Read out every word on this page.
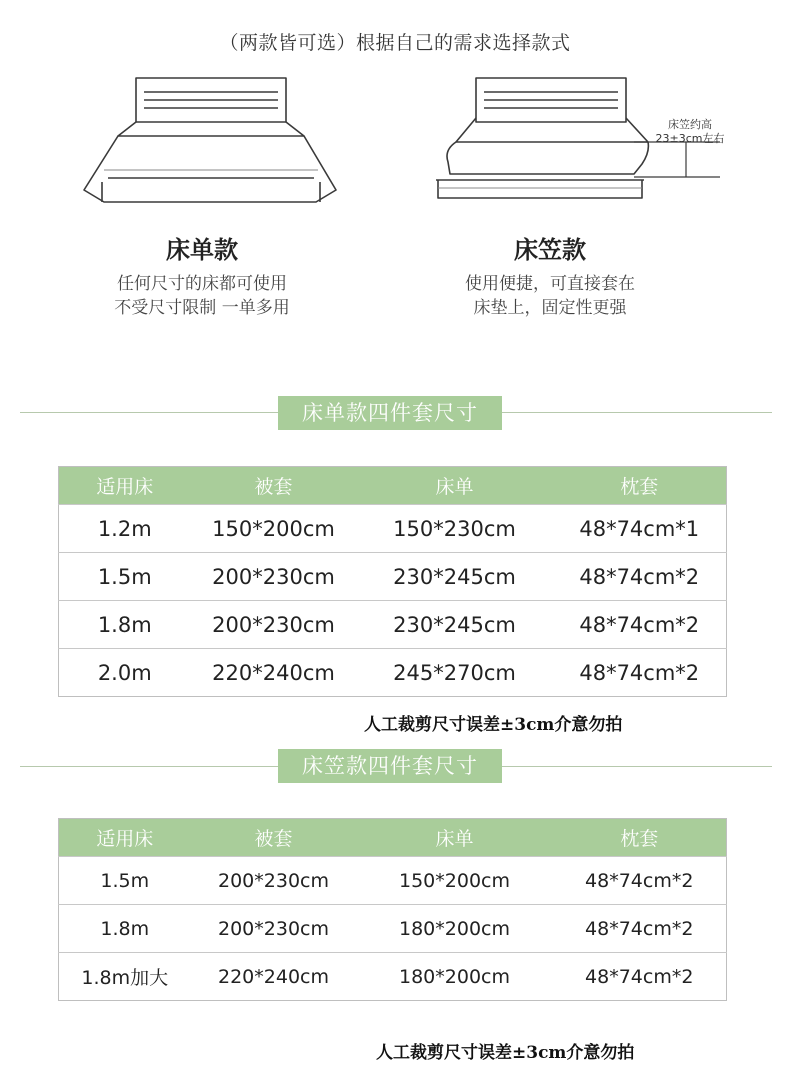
（两款皆可选）根据自己的需求选择款式
床笠约高
23±3cm左右
床单款
任何尺寸的床都可使用
不受尺寸限制 一单多用
床笠款
使用便捷，可直接套在
床垫上，固定性更强
床单款四件套尺寸
适用床	被套	床单	枕套
1.2m	150*200cm	150*230cm	48*74cm*1
1.5m	200*230cm	230*245cm	48*74cm*2
1.8m	200*230cm	230*245cm	48*74cm*2
2.0m	220*240cm	245*270cm	48*74cm*2
人工裁剪尺寸误差±3cm介意勿拍
床笠款四件套尺寸
适用床	被套	床单	枕套
1.5m	200*230cm	150*200cm	48*74cm*2
1.8m	200*230cm	180*200cm	48*74cm*2
1.8m加大	220*240cm	180*200cm	48*74cm*2
人工裁剪尺寸误差±3cm介意勿拍
